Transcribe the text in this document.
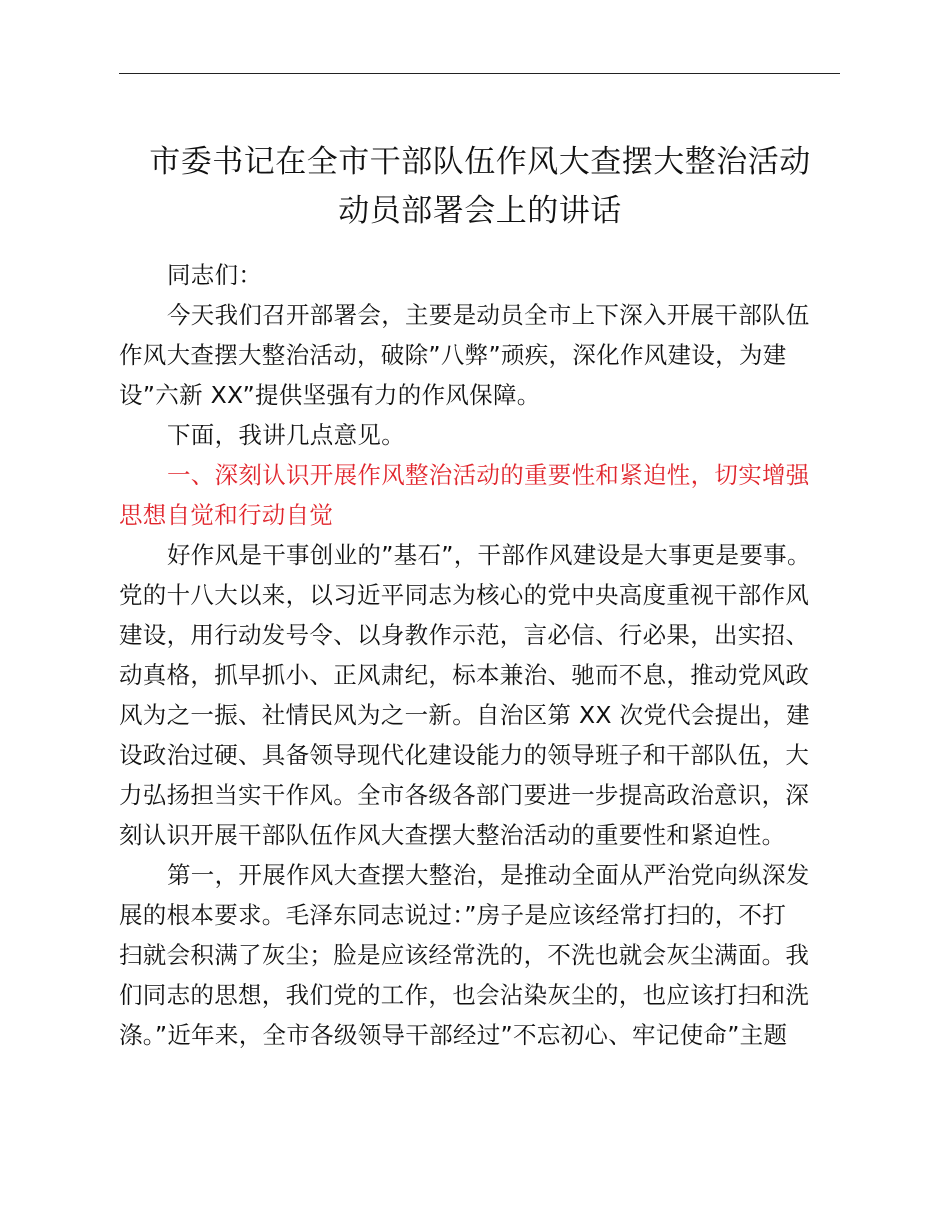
市委书记在全市干部队伍作风大查摆大整治活动
动员部署会上的讲话
同志们：
今天我们召开部署会，主要是动员全市上下深入开展干部队伍
作风大查摆大整治活动，破除”八弊”顽疾，深化作风建设，为建
设”六新 XX”提供坚强有力的作风保障。
下面，我讲几点意见。
一、深刻认识开展作风整治活动的重要性和紧迫性，切实增强
思想自觉和行动自觉
好作风是干事创业的”基石”，干部作风建设是大事更是要事。
党的十八大以来，以习近平同志为核心的党中央高度重视干部作风
建设，用行动发号令、以身教作示范，言必信、行必果，出实招、
动真格，抓早抓小、正风肃纪，标本兼治、驰而不息，推动党风政
风为之一振、社情民风为之一新。自治区第 XX 次党代会提出，建
设政治过硬、具备领导现代化建设能力的领导班子和干部队伍，大
力弘扬担当实干作风。全市各级各部门要进一步提高政治意识，深
刻认识开展干部队伍作风大查摆大整治活动的重要性和紧迫性。
第一，开展作风大查摆大整治，是推动全面从严治党向纵深发
展的根本要求。毛泽东同志说过：”房子是应该经常打扫的，不打
扫就会积满了灰尘；脸是应该经常洗的，不洗也就会灰尘满面。我
们同志的思想，我们党的工作，也会沾染灰尘的，也应该打扫和洗
涤。”近年来，全市各级领导干部经过”不忘初心、牢记使命”主题
